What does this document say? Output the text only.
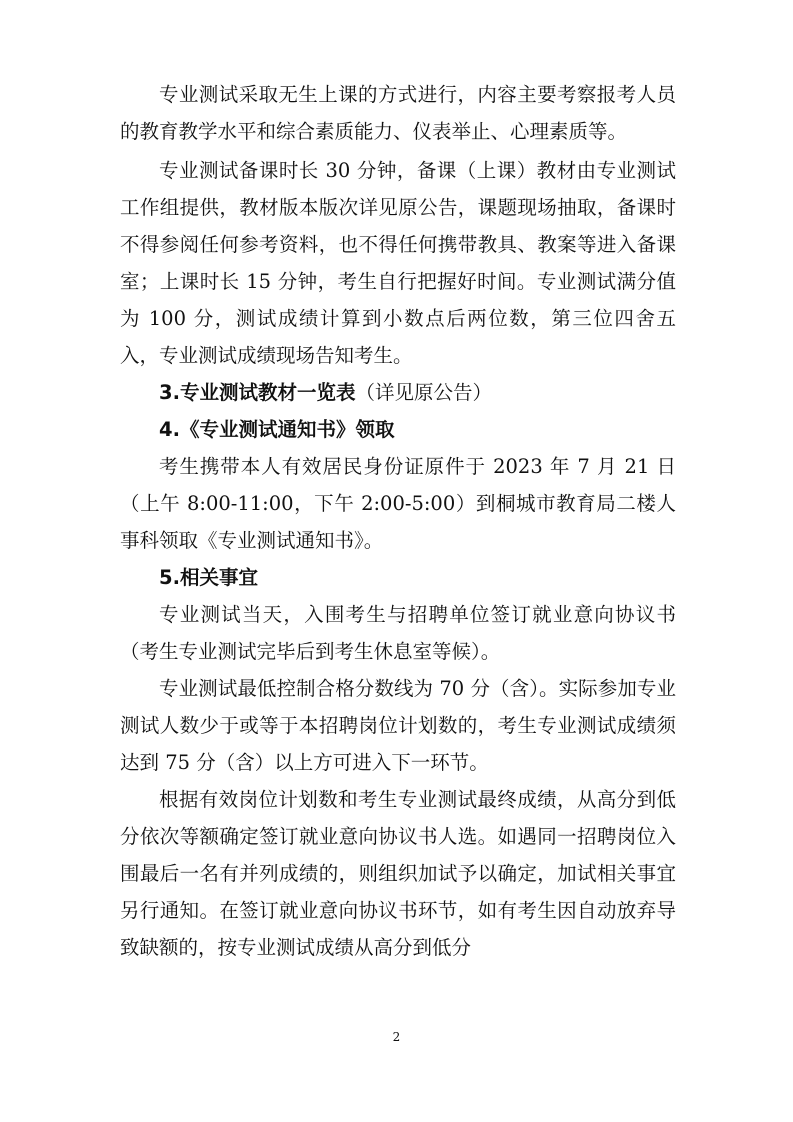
专业测试采取无生上课的方式进行，内容主要考察报考人员的教育教学水平和综合素质能力、仪表举止、心理素质等。

专业测试备课时长 30 分钟，备课（上课）教材由专业测试工作组提供，教材版本版次详见原公告，课题现场抽取，备课时不得参阅任何参考资料，也不得任何携带教具、教案等进入备课室；上课时长 15 分钟，考生自行把握好时间。专业测试满分值为 100 分，测试成绩计算到小数点后两位数，第三位四舍五入，专业测试成绩现场告知考生。

3.专业测试教材一览表（详见原公告）

4.《专业测试通知书》领取

考生携带本人有效居民身份证原件于 2023 年 7 月 21 日（上午 8:00-11:00，下午 2:00-5:00）到桐城市教育局二楼人事科领取《专业测试通知书》。

5.相关事宜

专业测试当天，入围考生与招聘单位签订就业意向协议书（考生专业测试完毕后到考生休息室等候）。

专业测试最低控制合格分数线为 70 分（含）。实际参加专业测试人数少于或等于本招聘岗位计划数的，考生专业测试成绩须达到 75 分（含）以上方可进入下一环节。

根据有效岗位计划数和考生专业测试最终成绩，从高分到低分依次等额确定签订就业意向协议书人选。如遇同一招聘岗位入围最后一名有并列成绩的，则组织加试予以确定，加试相关事宜另行通知。在签订就业意向协议书环节，如有考生因自动放弃导致缺额的，按专业测试成绩从高分到低分

2
